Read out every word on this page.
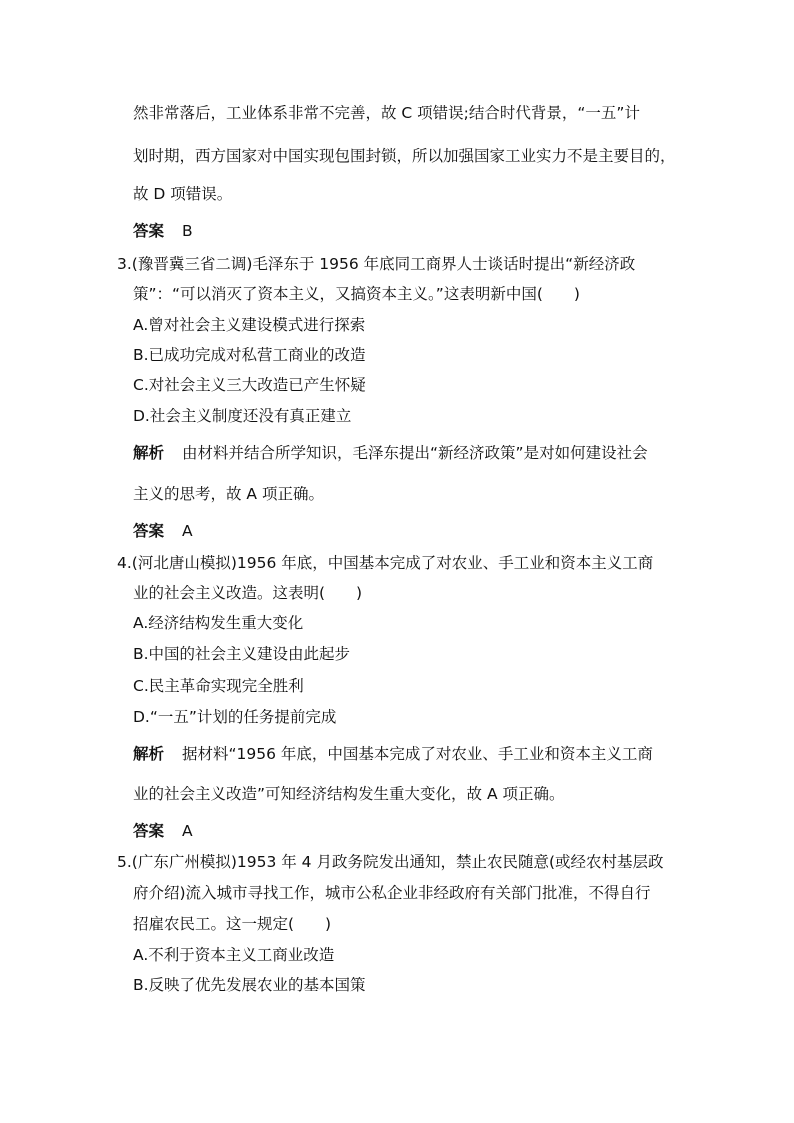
然非常落后，工业体系非常不完善，故 C 项错误;结合时代背景，“一五”计
划时期，西方国家对中国实现包围封锁，所以加强国家工业实力不是主要目的，
故 D 项错误。
答案 B
3.(豫晋冀三省二调)毛泽东于 1956 年底同工商界人士谈话时提出“新经济政
策”：“可以消灭了资本主义，又搞资本主义。”这表明新中国(　　)
A.曾对社会主义建设模式进行探索
B.已成功完成对私营工商业的改造
C.对社会主义三大改造已产生怀疑
D.社会主义制度还没有真正建立
解析 由材料并结合所学知识，毛泽东提出“新经济政策”是对如何建设社会
主义的思考，故 A 项正确。
答案 A
4.(河北唐山模拟)1956 年底，中国基本完成了对农业、手工业和资本主义工商
业的社会主义改造。这表明(　　)
A.经济结构发生重大变化
B.中国的社会主义建设由此起步
C.民主革命实现完全胜利
D.“一五”计划的任务提前完成
解析 据材料“1956 年底，中国基本完成了对农业、手工业和资本主义工商
业的社会主义改造”可知经济结构发生重大变化，故 A 项正确。
答案 A
5.(广东广州模拟)1953 年 4 月政务院发出通知，禁止农民随意(或经农村基层政
府介绍)流入城市寻找工作，城市公私企业非经政府有关部门批准，不得自行
招雇农民工。这一规定(　　)
A.不利于资本主义工商业改造
B.反映了优先发展农业的基本国策
